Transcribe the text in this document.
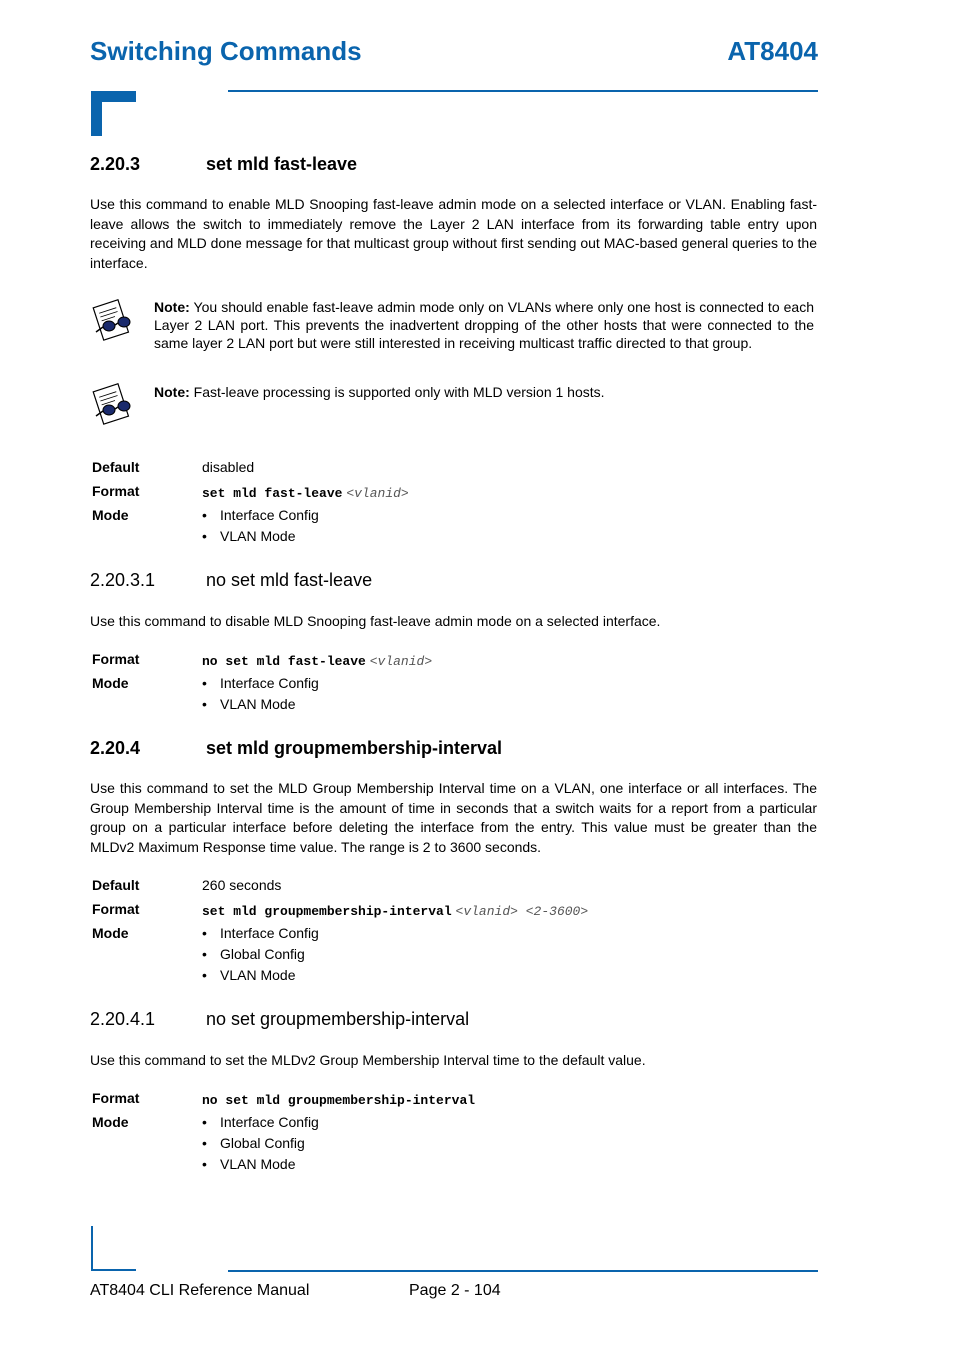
Switching Commands	AT8404
2.20.3	set mld fast-leave
Use this command to enable MLD Snooping fast-leave admin mode on a selected interface or VLAN. Enabling fast-leave allows the switch to immediately remove the Layer 2 LAN interface from its forwarding table entry upon receiving and MLD done message for that multicast group without first sending out MAC-based general queries to the interface.
Note: You should enable fast-leave admin mode only on VLANs where only one host is connected to each Layer 2 LAN port. This prevents the inadvertent dropping of the other hosts that were connected to the same layer 2 LAN port but were still interested in receiving multicast traffic directed to that group.
Note: Fast-leave processing is supported only with MLD version 1 hosts.
Default	disabled
Format	set mld fast-leave <vlanid>
Mode	• Interface Config
• VLAN Mode
2.20.3.1	no set mld fast-leave
Use this command to disable MLD Snooping fast-leave admin mode on a selected interface.
Format	no set mld fast-leave <vlanid>
Mode	• Interface Config
• VLAN Mode
2.20.4	set mld groupmembership-interval
Use this command to set the MLD Group Membership Interval time on a VLAN, one interface or all interfaces. The Group Membership Interval time is the amount of time in seconds that a switch waits for a report from a particular group on a particular interface before deleting the interface from the entry. This value must be greater than the MLDv2 Maximum Response time value. The range is 2 to 3600 seconds.
Default	260 seconds
Format	set mld groupmembership-interval <vlanid> <2-3600>
Mode	• Interface Config
• Global Config
• VLAN Mode
2.20.4.1	no set groupmembership-interval
Use this command to set the MLDv2 Group Membership Interval time to the default value.
Format	no set mld groupmembership-interval
Mode	• Interface Config
• Global Config
• VLAN Mode
AT8404 CLI Reference Manual	Page 2 - 104
